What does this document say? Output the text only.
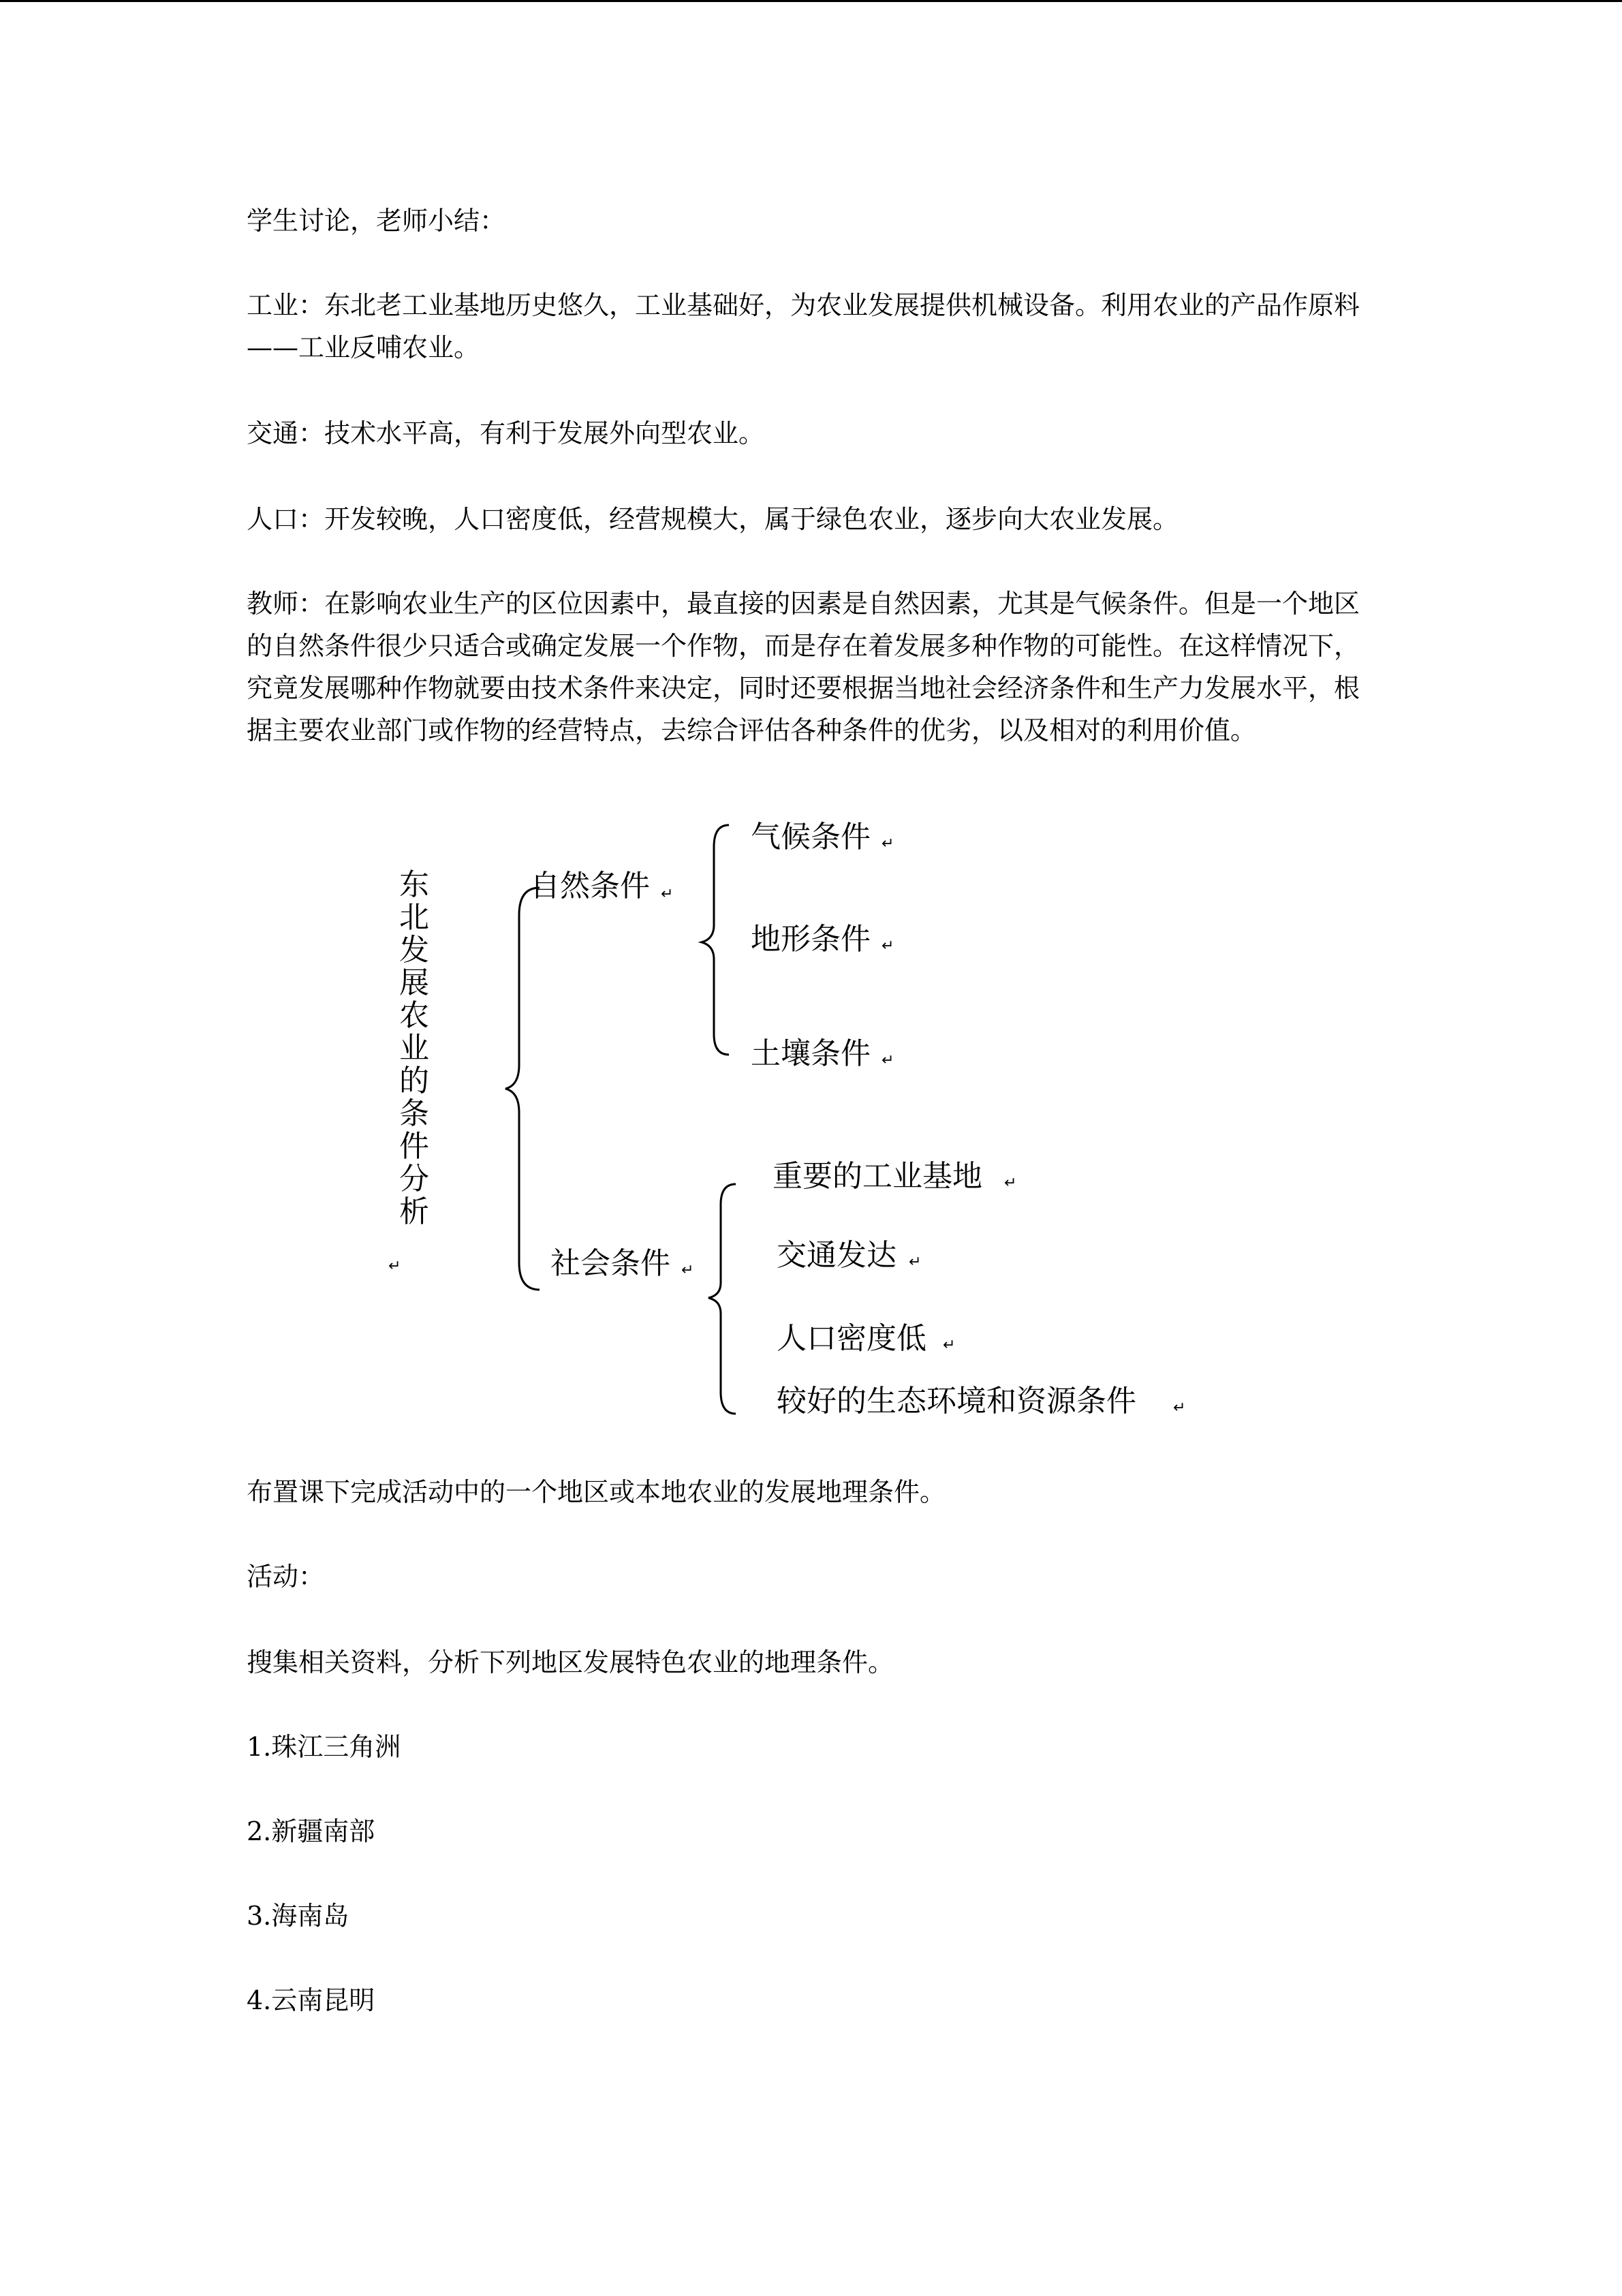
学生讨论，老师小结：

工业：东北老工业基地历史悠久，工业基础好，为农业发展提供机械设备。利用农业的产品作原料——工业反哺农业。

交通：技术水平高，有利于发展外向型农业。

人口：开发较晚，人口密度低，经营规模大，属于绿色农业，逐步向大农业发展。

教师：在影响农业生产的区位因素中，最直接的因素是自然因素，尤其是气候条件。但是一个地区的自然条件很少只适合或确定发展一个作物，而是存在着发展多种作物的可能性。在这样情况下，究竟发展哪种作物就要由技术条件来决定，同时还要根据当地社会经济条件和生产力发展水平，根据主要农业部门或作物的经营特点，去综合评估各种条件的优劣，以及相对的利用价值。

东北发展农业的条件分析
自然条件 ↵
气候条件 ↵
地形条件 ↵
土壤条件 ↵
社会条件 ↵
重要的工业基地 ↵
交通发达 ↵
人口密度低 ↵
较好的生态环境和资源条件 ↵
↵

布置课下完成活动中的一个地区或本地农业的发展地理条件。

活动：

搜集相关资料，分析下列地区发展特色农业的地理条件。

1.珠江三角洲

2.新疆南部

3.海南岛

4.云南昆明
